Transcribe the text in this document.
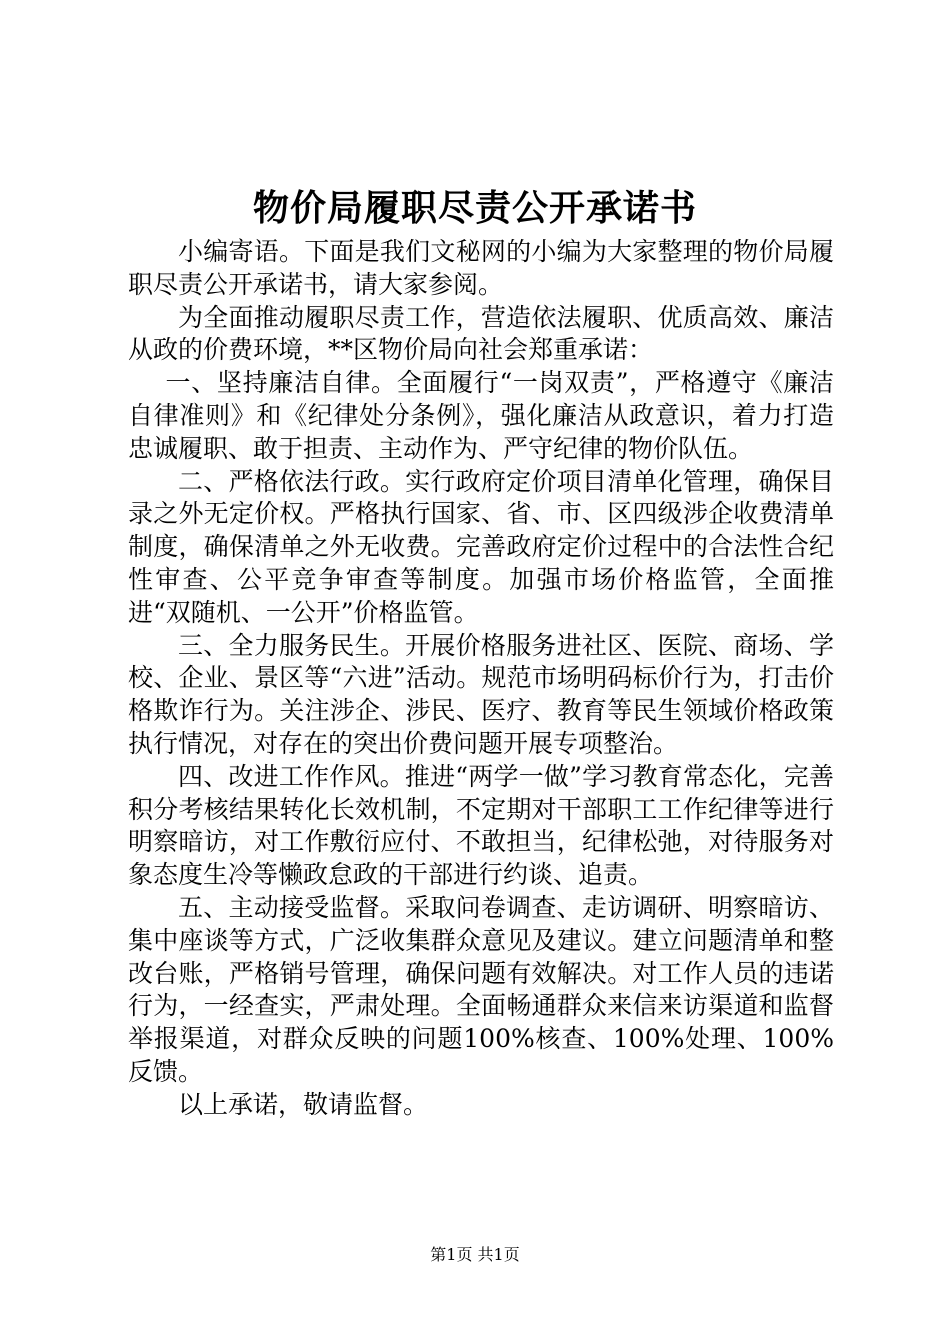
物价局履职尽责公开承诺书

小编寄语。下面是我们文秘网的小编为大家整理的物价局履职尽责公开承诺书，请大家参阅。

为全面推动履职尽责工作，营造依法履职、优质高效、廉洁从政的价费环境，**区物价局向社会郑重承诺：

一、坚持廉洁自律。全面履行“一岗双责”，严格遵守《廉洁自律准则》和《纪律处分条例》，强化廉洁从政意识，着力打造忠诚履职、敢于担责、主动作为、严守纪律的物价队伍。

二、严格依法行政。实行政府定价项目清单化管理，确保目录之外无定价权。严格执行国家、省、市、区四级涉企收费清单制度，确保清单之外无收费。完善政府定价过程中的合法性合纪性审查、公平竞争审查等制度。加强市场价格监管，全面推进“双随机、一公开”价格监管。

三、全力服务民生。开展价格服务进社区、医院、商场、学校、企业、景区等“六进”活动。规范市场明码标价行为，打击价格欺诈行为。关注涉企、涉民、医疗、教育等民生领域价格政策执行情况，对存在的突出价费问题开展专项整治。

四、改进工作作风。推进“两学一做”学习教育常态化，完善积分考核结果转化长效机制，不定期对干部职工工作纪律等进行明察暗访，对工作敷衍应付、不敢担当，纪律松弛，对待服务对象态度生冷等懒政怠政的干部进行约谈、追责。

五、主动接受监督。采取问卷调查、走访调研、明察暗访、集中座谈等方式，广泛收集群众意见及建议。建立问题清单和整改台账，严格销号管理，确保问题有效解决。对工作人员的违诺行为，一经查实，严肃处理。全面畅通群众来信来访渠道和监督举报渠道，对群众反映的问题100%核查、100%处理、100%反馈。

以上承诺，敬请监督。

第1页 共1页
